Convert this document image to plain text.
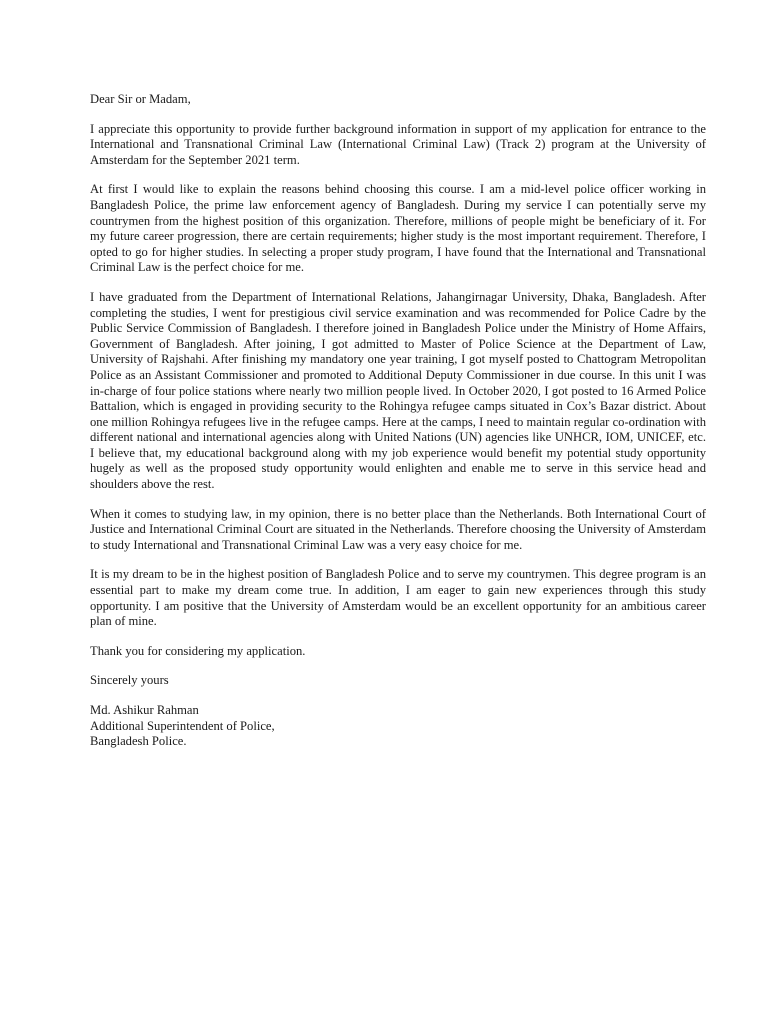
Dear Sir or Madam,

I appreciate this opportunity to provide further background information in support of my application for entrance to the International and Transnational Criminal Law (International Criminal Law) (Track 2) program at the University of Amsterdam for the September 2021 term.

At first I would like to explain the reasons behind choosing this course. I am a mid-level police officer working in Bangladesh Police, the prime law enforcement agency of Bangladesh. During my service I can potentially serve my countrymen from the highest position of this organization. Therefore, millions of people might be beneficiary of it. For my future career progression, there are certain requirements; higher study is the most important requirement. Therefore, I opted to go for higher studies. In selecting a proper study program, I have found that the International and Transnational Criminal Law is the perfect choice for me.

I have graduated from the Department of International Relations, Jahangirnagar University, Dhaka, Bangladesh. After completing the studies, I went for prestigious civil service examination and was recommended for Police Cadre by the Public Service Commission of Bangladesh. I therefore joined in Bangladesh Police under the Ministry of Home Affairs, Government of Bangladesh. After joining, I got admitted to Master of Police Science at the Department of Law, University of Rajshahi. After finishing my mandatory one year training, I got myself posted to Chattogram Metropolitan Police as an Assistant Commissioner and promoted to Additional Deputy Commissioner in due course. In this unit I was in-charge of four police stations where nearly two million people lived. In October 2020, I got posted to 16 Armed Police Battalion, which is engaged in providing security to the Rohingya refugee camps situated in Cox’s Bazar district. About one million Rohingya refugees live in the refugee camps. Here at the camps, I need to maintain regular co-ordination with different national and international agencies along with United Nations (UN) agencies like UNHCR, IOM, UNICEF, etc. I believe that, my educational background along with my job experience would benefit my potential study opportunity hugely as well as the proposed study opportunity would enlighten and enable me to serve in this service head and shoulders above the rest.

When it comes to studying law, in my opinion, there is no better place than the Netherlands. Both International Court of Justice and International Criminal Court are situated in the Netherlands. Therefore choosing the University of Amsterdam to study International and Transnational Criminal Law was a very easy choice for me.

It is my dream to be in the highest position of Bangladesh Police and to serve my countrymen. This degree program is an essential part to make my dream come true. In addition, I am eager to gain new experiences through this study opportunity. I am positive that the University of Amsterdam would be an excellent opportunity for an ambitious career plan of mine.

Thank you for considering my application.

Sincerely yours

Md. Ashikur Rahman
Additional Superintendent of Police,
Bangladesh Police.
